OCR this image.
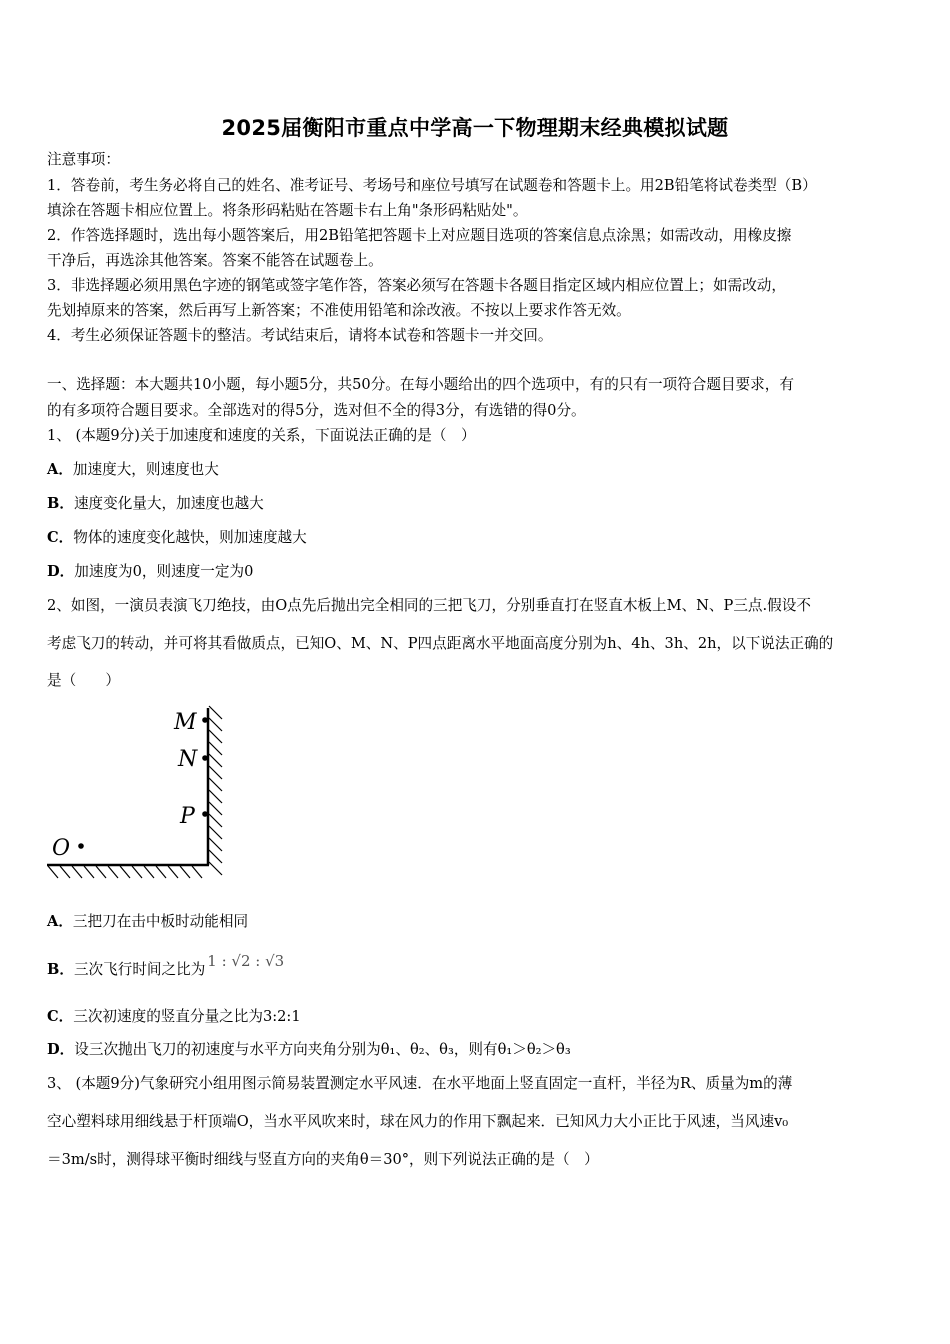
2025届衡阳市重点中学高一下物理期末经典模拟试题
注意事项：
1．答卷前，考生务必将自己的姓名、准考证号、考场号和座位号填写在试题卷和答题卡上。用2B铅笔将试卷类型（B）
填涂在答题卡相应位置上。将条形码粘贴在答题卡右上角"条形码粘贴处"。
2．作答选择题时，选出每小题答案后，用2B铅笔把答题卡上对应题目选项的答案信息点涂黑；如需改动，用橡皮擦
干净后，再选涂其他答案。答案不能答在试题卷上。
3．非选择题必须用黑色字迹的钢笔或签字笔作答，答案必须写在答题卡各题目指定区域内相应位置上；如需改动，
先划掉原来的答案，然后再写上新答案；不准使用铅笔和涂改液。不按以上要求作答无效。
4．考生必须保证答题卡的整洁。考试结束后，请将本试卷和答题卡一并交回。
一、选择题：本大题共10小题，每小题5分，共50分。在每小题给出的四个选项中，有的只有一项符合题目要求，有
的有多项符合题目要求。全部选对的得5分，选对但不全的得3分，有选错的得0分。
1、 (本题9分)关于加速度和速度的关系，下面说法正确的是（　）
A．加速度大，则速度也大
B．速度变化量大，加速度也越大
C．物体的速度变化越快，则加速度越大
D．加速度为0，则速度一定为0
2、如图，一演员表演飞刀绝技，由O点先后抛出完全相同的三把飞刀，分别垂直打在竖直木板上M、N、P三点.假设不
考虑飞刀的转动，并可将其看做质点，已知O、M、N、P四点距离水平地面高度分别为h、4h、3h、2h，以下说法正确的
是（　　）
M
N
P
O
A．三把刀在击中板时动能相同
B．三次飞行时间之比为 1 : √2 : √3
C．三次初速度的竖直分量之比为3:2:1
D．设三次抛出飞刀的初速度与水平方向夹角分别为θ₁、θ₂、θ₃，则有θ₁＞θ₂＞θ₃
3、 (本题9分)气象研究小组用图示简易装置测定水平风速．在水平地面上竖直固定一直杆，半径为R、质量为m的薄
空心塑料球用细线悬于杆顶端O，当水平风吹来时，球在风力的作用下飘起来．已知风力大小正比于风速，当风速v₀
＝3m/s时，测得球平衡时细线与竖直方向的夹角θ＝30°，则下列说法正确的是（　）
